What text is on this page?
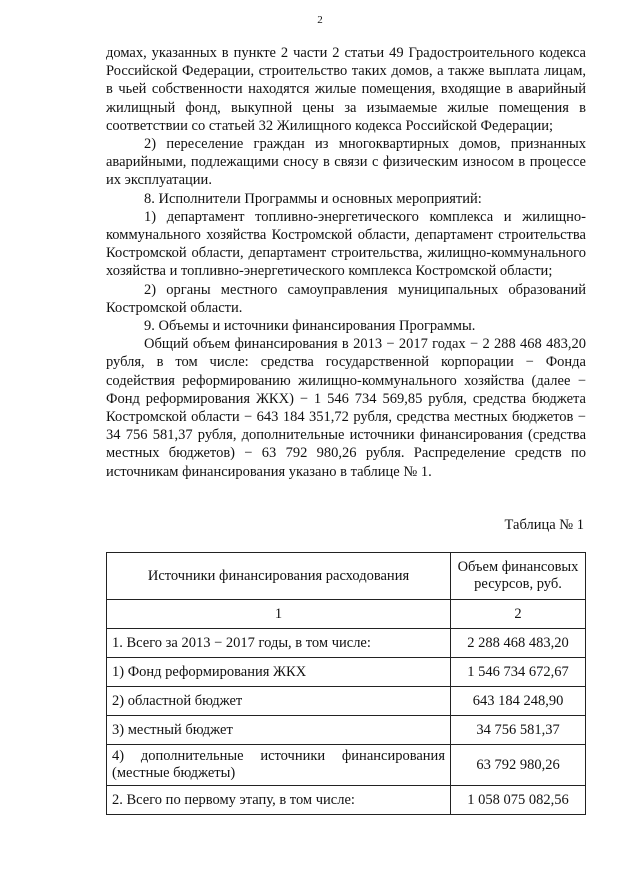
2

домах, указанных в пункте 2 части 2 статьи 49 Градостроительного кодекса Российской Федерации, строительство таких домов, а также выплата лицам, в чьей собственности находятся жилые помещения, входящие в аварийный жилищный фонд, выкупной цены за изымаемые жилые помещения в соответствии со статьей 32 Жилищного кодекса Российской Федерации;

2) переселение граждан из многоквартирных домов, признанных аварийными, подлежащими сносу в связи с физическим износом в процессе их эксплуатации.

8. Исполнители Программы и основных мероприятий:

1) департамент топливно-энергетического комплекса и жилищно-коммунального хозяйства Костромской области, департамент строительства Костромской области, департамент строительства, жилищно-коммунального хозяйства и топливно-энергетического комплекса Костромской области;

2) органы местного самоуправления муниципальных образований Костромской области.

9. Объемы и источники финансирования Программы.

Общий объем финансирования в 2013 − 2017 годах − 2 288 468 483,20 рубля, в том числе: средства государственной корпорации − Фонда содействия реформированию жилищно-коммунального хозяйства (далее − Фонд реформирования ЖКХ) − 1 546 734 569,85 рубля, средства бюджета Костромской области − 643 184 351,72 рубля, средства местных бюджетов − 34 756 581,37 рубля, дополнительные источники финансирования (средства местных бюджетов) − 63 792 980,26 рубля. Распределение средств по источникам финансирования указано в таблице № 1.

Таблица № 1
Источники финансирования расходования	Объем финансовых ресурсов, руб.
1	2
1. Всего за 2013 − 2017 годы, в том числе:	2 288 468 483,20
1) Фонд реформирования ЖКХ	1 546 734 672,67
2) областной бюджет	643 184 248,90
3) местный бюджет	34 756 581,37
4) дополнительные источники финансирования (местные бюджеты)	63 792 980,26
2. Всего по первому этапу, в том числе:	1 058 075 082,56
